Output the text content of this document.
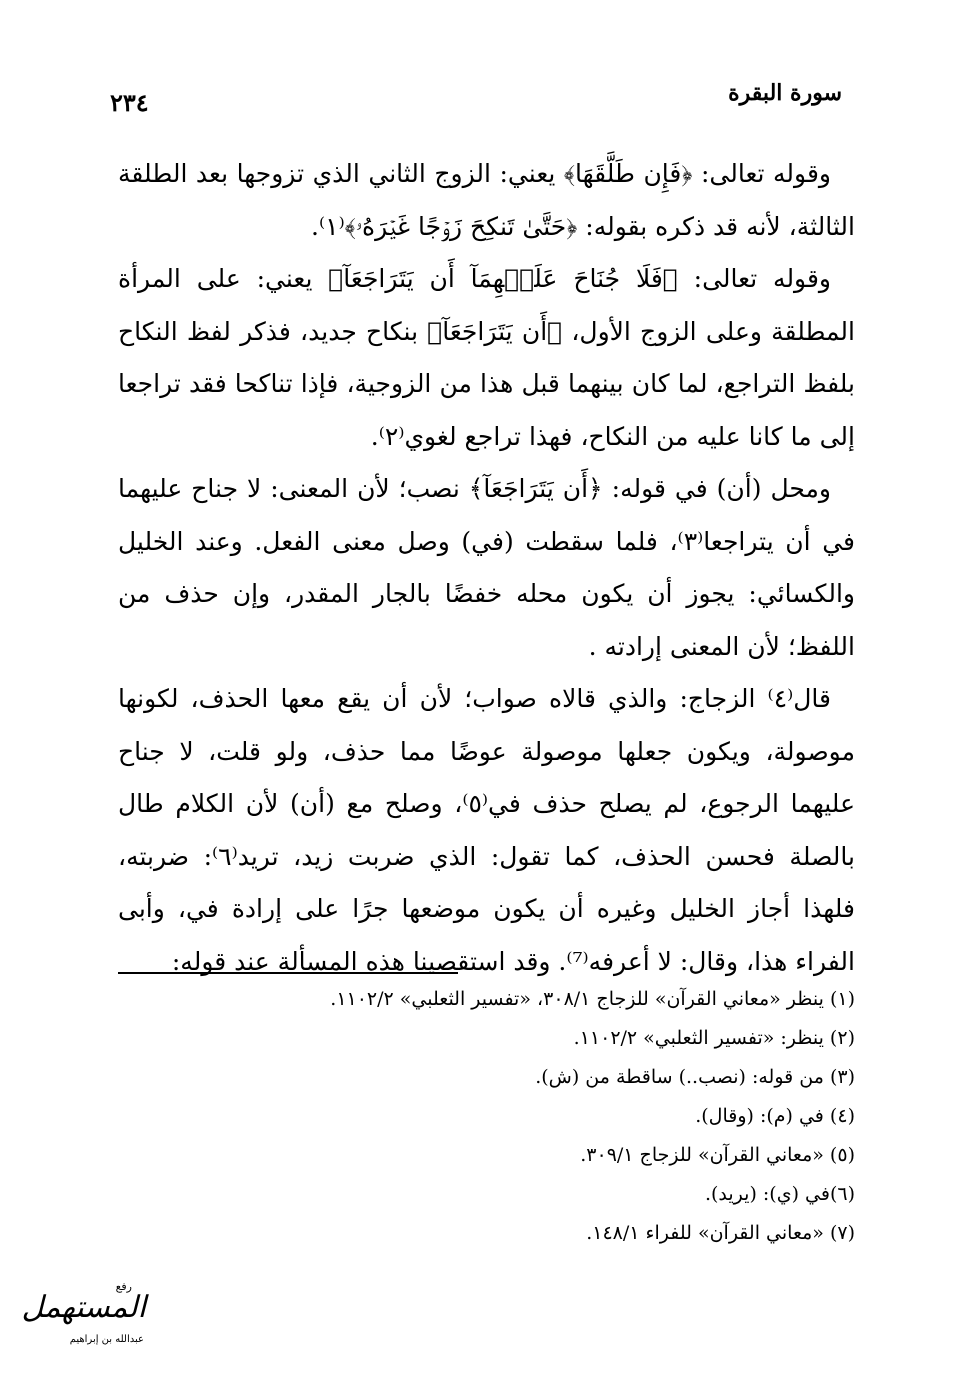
سورة البقرة
٢٣٤

وقوله تعالى: ﴿فَإِن طَلَّقَهَا﴾ يعني: الزوج الثاني الذي تزوجها بعد الطلقة الثالثة، لأنه قد ذكره بقوله: ﴿حَتَّىٰ تَنكِحَ زَوۡجًا غَيۡرَهُۥ﴾⁽١⁾.

وقوله تعالى: ﴿فَلَا جُنَاحَ عَلَيۡهِمَآ أَن يَتَرَاجَعَآ﴾ يعني: على المرأة المطلقة وعلى الزوج الأول، ﴿أَن يَتَرَاجَعَآ﴾ بنكاح جديد، فذكر لفظ النكاح بلفظ التراجع، لما كان بينهما قبل هذا من الزوجية، فإذا تناكحا فقد تراجعا إلى ما كانا عليه من النكاح، فهذا تراجع لغوي⁽٢⁾.

ومحل (أن) في قوله: ﴿أَن يَتَرَاجَعَآ﴾ نصب؛ لأن المعنى: لا جناح عليهما في أن يتراجعا⁽٣⁾، فلما سقطت (في) وصل معنى الفعل. وعند الخليل والكسائي: يجوز أن يكون محله خفضًا بالجار المقدر، وإن حذف من اللفظ؛ لأن المعنى إرادته .

قال⁽٤⁾ الزجاج: والذي قالاه صواب؛ لأن أن يقع معها الحذف، لكونها موصولة، ويكون جعلها موصولة عوضًا مما حذف، ولو قلت، لا جناح عليهما الرجوع، لم يصلح حذف في⁽٥⁾، وصلح مع (أن) لأن الكلام طال بالصلة فحسن الحذف، كما تقول: الذي ضربت زيد، تريد⁽٦⁾: ضربته، فلهذا أجاز الخليل وغيره أن يكون موضعها جرًا على إرادة في، وأبى الفراء هذا، وقال: لا أعرفه⁽⁷⁾. وقد استقصينا هذه المسألة عند قوله:

(١) ينظر «معاني القرآن» للزجاج ٣٠٨/١، «تفسير الثعلبي» ١١٠٢/٢.
(٢) ينظر: «تفسير الثعلبي» ١١٠٢/٢.
(٣) من قوله: (نصب..) ساقطة من (ش).
(٤) في (م): (وقال).
(٥) «معاني القرآن» للزجاج ٣٠٩/١.
(٦)في (ي): (يريد).
(٧) «معاني القرآن» للفراء ١٤٨/١.
رفع
المستهمل
عبدالله بن إبراهيم
